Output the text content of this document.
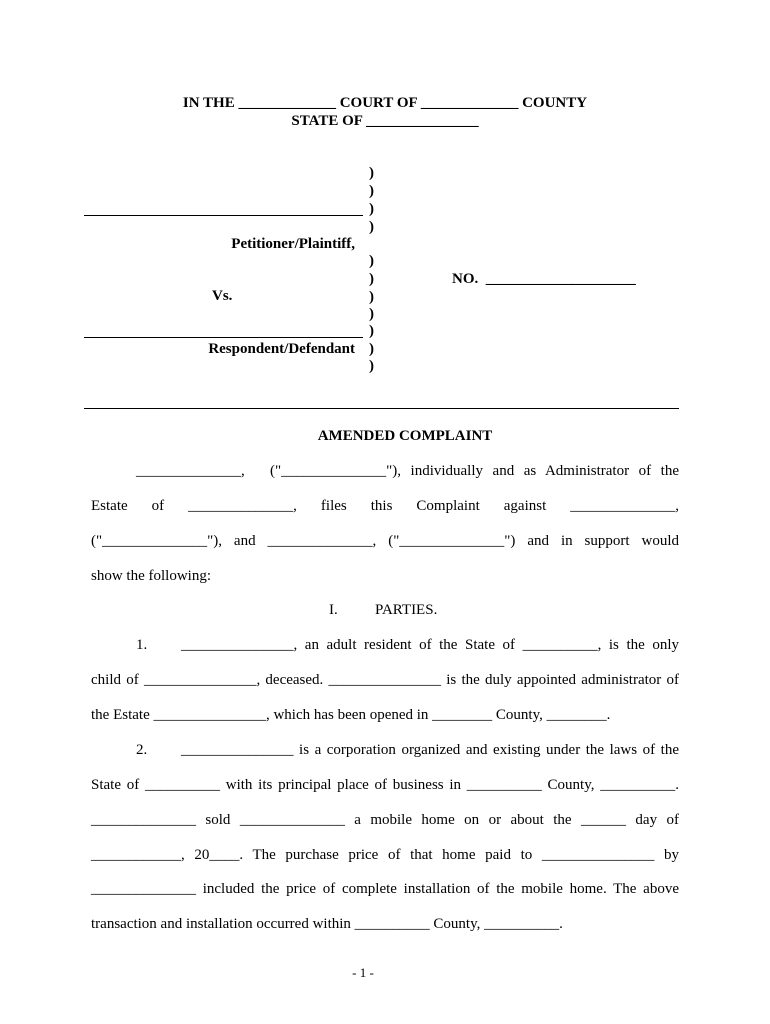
IN THE _____________ COURT OF _____________ COUNTY
STATE OF _______________
)
)
)
)
)
)
)
)
)
)
)
Petitioner/Plaintiff,
Vs.
Respondent/Defendant
NO.  ____________________
AMENDED COMPLAINT
______________, ("______________"), individually and as Administrator of the
Estate of ______________, files this Complaint against ______________,
("______________"), and ______________, ("______________") and in support would
show the following:
I. PARTIES.
1. _______________, an adult resident of the State of __________, is the only
child of _______________, deceased. _______________ is the duly appointed administrator of
the Estate _______________, which has been opened in ________ County, ________.
2. _______________ is a corporation organized and existing under the laws of the
State of __________ with its principal place of business in __________ County, __________.
______________ sold ______________ a mobile home on or about the ______ day of
____________, 20____. The purchase price of that home paid to _______________ by
______________ included the price of complete installation of the mobile home. The above
transaction and installation occurred within __________ County, __________.
- 1 -
